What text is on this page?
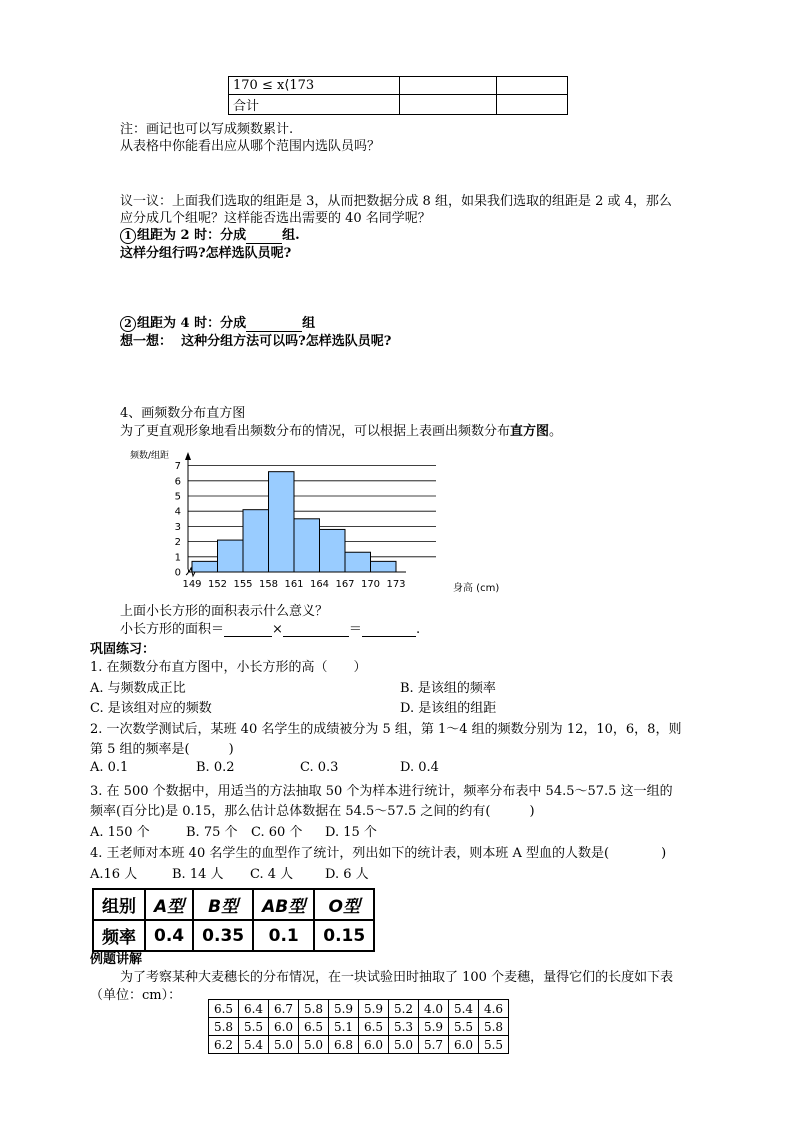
170 ≤ x⟨173		
合计		
注：画记也可以写成频数累计.
从表格中你能看出应从哪个范围内选队员吗？
议一议：上面我们选取的组距是 3，从而把数据分成 8 组，如果我们选取的组距是 2 或 4，那么
应分成几个组呢？这样能否选出需要的 40 名同学呢？
1 组距为 2 时：分成	组.
这样分组行吗?怎样选队员呢?
2 组距为 4 时：分成	组
想一想： 这种分组方法可以吗?怎样选队员呢?
4、画频数分布直方图
为了更直观形象地看出频数分布的情况，可以根据上表画出频数分布直方图。
频数/组距
身高 (cm)
0
1
2
3
4
5
6
7
149 152 155 158 161 164 167 170 173
上面小长方形的面积表示什么意义？
小长方形的面积＝	×	＝	.
巩固练习：
1. 在频数分布直方图中，小长方形的高（　　）
A. 与频数成正比	B. 是该组的频率
C. 是该组对应的频数	D. 是该组的组距
2. 一次数学测试后，某班 40 名学生的成绩被分为 5 组，第 1～4 组的频数分别为 12，10，6，8，则
第 5 组的频率是(　　　)
A. 0.1	B. 0.2	C. 0.3	D. 0.4
3. 在 500 个数据中，用适当的方法抽取 50 个为样本进行统计，频率分布表中 54.5～57.5 这一组的
频率(百分比)是 0.15，那么估计总体数据在 54.5～57.5 之间的约有(　　　)
A. 150 个	B. 75 个 C. 60 个 D. 15 个
4. 王老师对本班 40 名学生的血型作了统计，列出如下的统计表，则本班 A 型血的人数是(　　　　)
A.16 人	B. 14 人 C. 4 人 D. 6 人
组别	A型	B型	AB型	O型
频率	0.4	0.35	0.1	0.15
例题讲解
为了考察某种大麦穗长的分布情况，在一块试验田时抽取了 100 个麦穗，量得它们的长度如下表
（单位：cm）：
6.5	6.4	6.7	5.8	5.9	5.9	5.2	4.0	5.4	4.6
5.8	5.5	6.0	6.5	5.1	6.5	5.3	5.9	5.5	5.8
6.2	5.4	5.0	5.0	6.8	6.0	5.0	5.7	6.0	5.5
